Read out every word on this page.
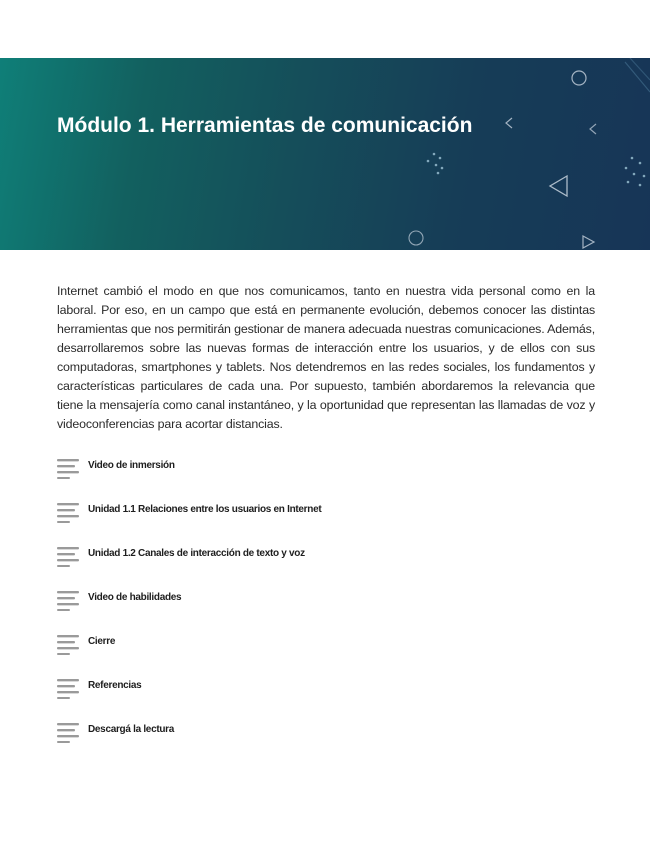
Módulo 1. Herramientas de comunicación

Internet cambió el modo en que nos comunicamos, tanto en nuestra vida personal como en la laboral. Por eso, en un campo que está en permanente evolución, debemos conocer las distintas herramientas que nos permitirán gestionar de manera adecuada nuestras comunicaciones. Además, desarrollaremos sobre las nuevas formas de interacción entre los usuarios, y de ellos con sus computadoras, smartphones y tablets. Nos detendremos en las redes sociales, los fundamentos y características particulares de cada una. Por supuesto, también abordaremos la relevancia que tiene la mensajería como canal instantáneo, y la oportunidad que representan las llamadas de voz y videoconferencias para acortar distancias.

Video de inmersión
Unidad 1.1 Relaciones entre los usuarios en Internet
Unidad 1.2 Canales de interacción de texto y voz
Video de habilidades
Cierre
Referencias
Descargá la lectura
